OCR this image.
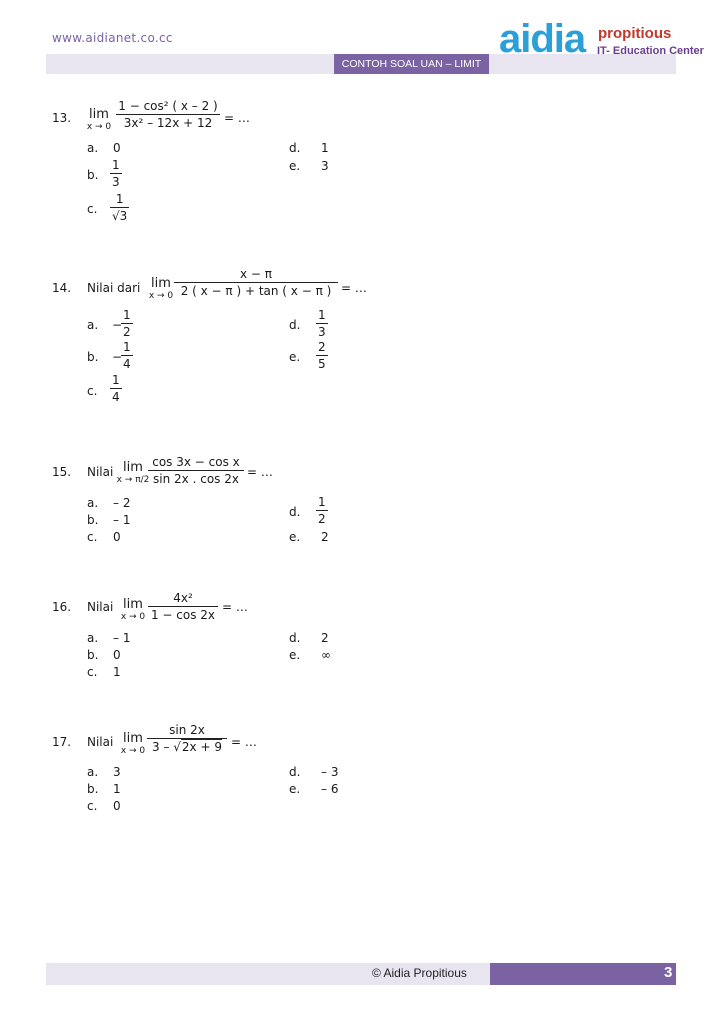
www.aidianet.co.cc
CONTOH SOAL UAN – LIMIT
aidia propitious
IT- Education Center
13.	lim
$x \to 0 \frac{\text{1 − cos² ( x – 2 )}}{\text{3x² – 12x + 12}}$ = …
a. 0
b. $\frac{1}{3}$
c. $\frac{1}{√3}$
d. 1
e. 3
14. Nilai dari lim
$x \to 0 \frac{x - \pi}{2 ( x - \pi ) + \tan ( x - \pi )}$ = …
a. −
$\frac{1}{2}$
b. −
$\frac{1}{4}$
c. $\frac{1}{4}$
d. $\frac{1}{3}$
e. $\frac{2}{5}$
15. Nilai lim
x → π/2
$\frac{\text{cos 3x − cos x}}{\sin 2x . \cos 2x}$ = …
a. – 2
b. – 1
c. 0
d. $\frac{1}{2}$
e. 2
16. Nilai lim
$x \to 0 \frac{\text{4x²}}{1 - \cos 2x}$ = …
a. – 1
b. 0
c. 1
d. 2
e. ∞
17. Nilai lim
$x \to 0 \frac{\sin 2x}{3 - √2x + 9}$ = …
a. 3
b. 1
c. 0
d. – 3
e. – 6
© Aidia Propitious	3
